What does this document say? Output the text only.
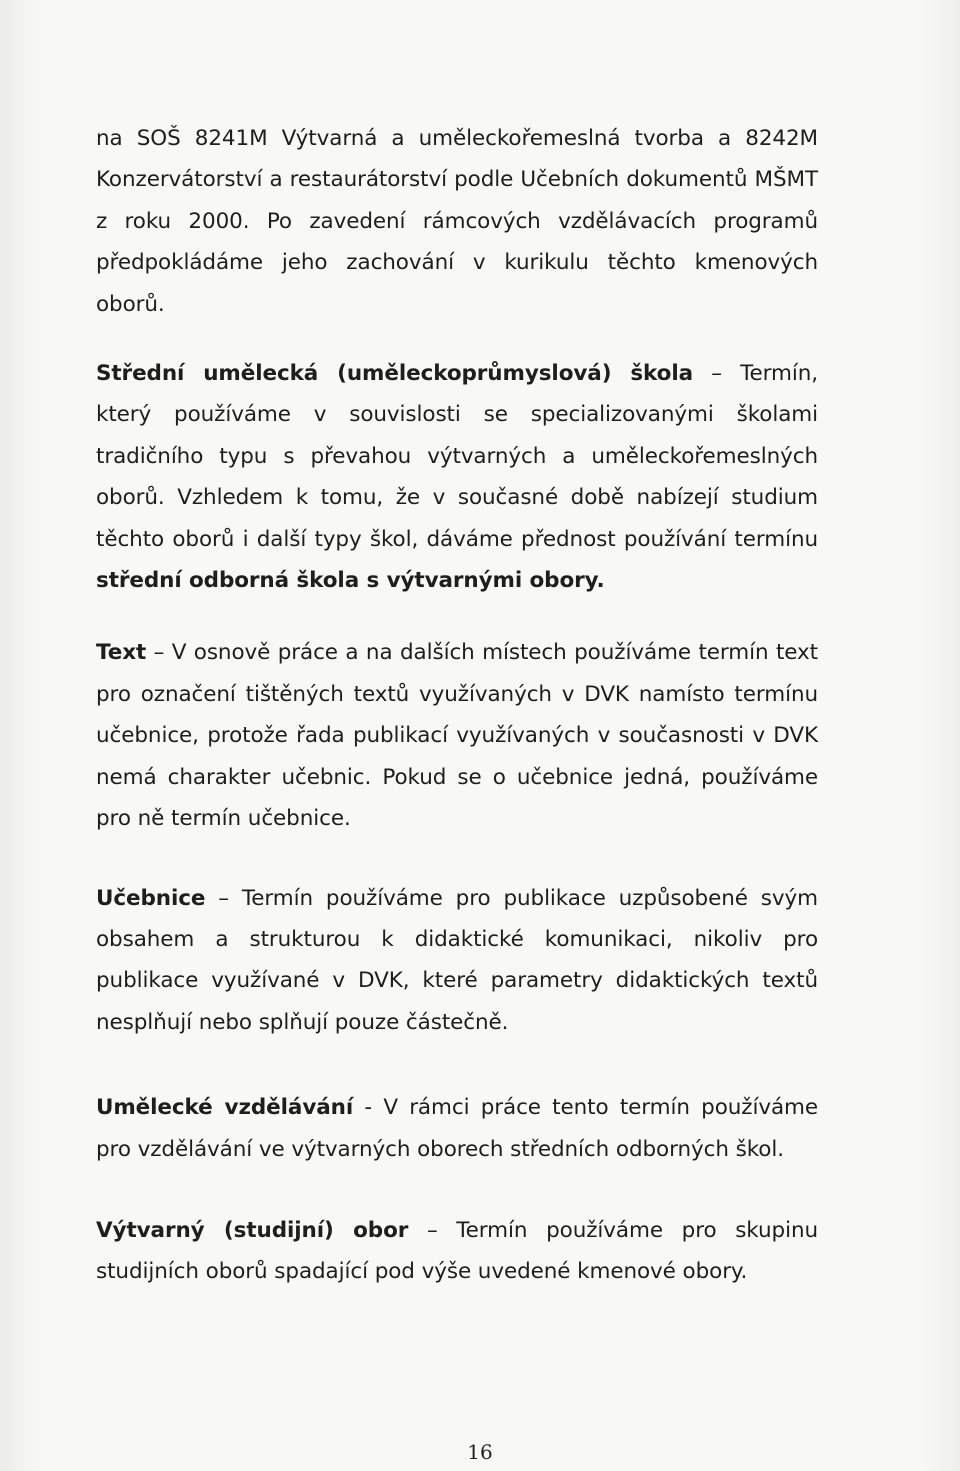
na SOŠ 8241M Výtvarná a uměleckořemeslná tvorba a 8242M Konzervátorství a restaurátorství podle Učebních dokumentů MŠMT z roku 2000. Po zavedení rámcových vzdělávacích programů předpokládáme jeho zachování v kurikulu těchto kmenových oborů.

Střední umělecká (uměleckoprůmyslová) škola – Termín, který používáme v souvislosti se specializovanými školami tradičního typu s převahou výtvarných a uměleckořemeslných oborů. Vzhledem k tomu, že v současné době nabízejí studium těchto oborů i další typy škol, dáváme přednost používání termínu střední odborná škola s výtvarnými obory.

Text – V osnově práce a na dalších místech používáme termín text pro označení tištěných textů využívaných v DVK namísto termínu učebnice, protože řada publikací využívaných v současnosti v DVK nemá charakter učebnic. Pokud se o učebnice jedná, používáme pro ně termín učebnice.

Učebnice – Termín používáme pro publikace uzpůsobené svým obsahem a strukturou k didaktické komunikaci, nikoliv pro publikace využívané v DVK, které parametry didaktických textů nesplňují nebo splňují pouze částečně.

Umělecké vzdělávání - V rámci práce tento termín používáme pro vzdělávání ve výtvarných oborech středních odborných škol.

Výtvarný (studijní) obor – Termín používáme pro skupinu studijních oborů spadající pod výše uvedené kmenové obory.

16
